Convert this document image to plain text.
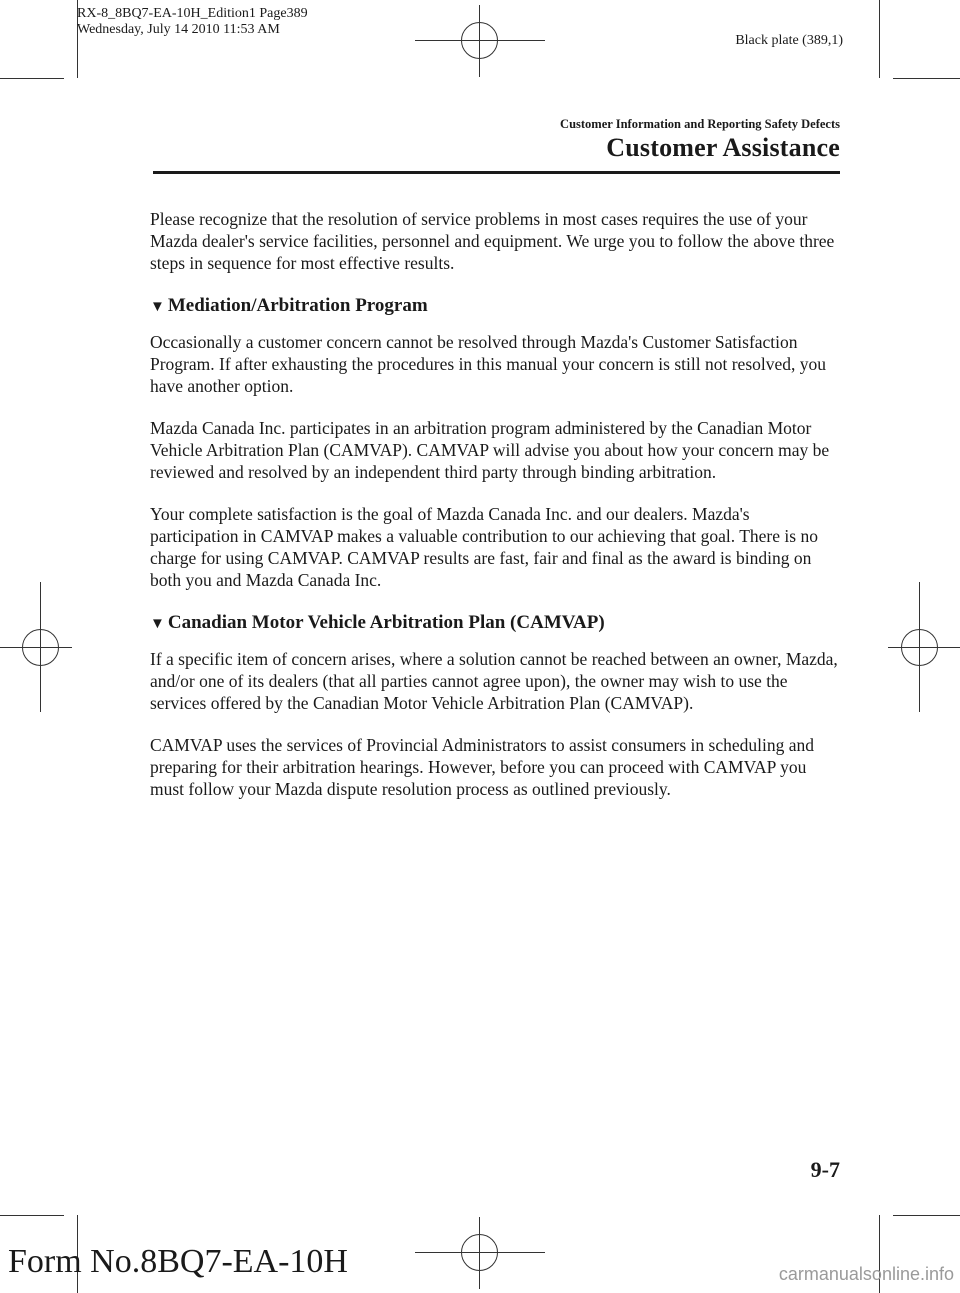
RX-8_8BQ7-EA-10H_Edition1 Page389
Wednesday, July 14 2010 11:53 AM
Black plate (389,1)
Customer Information and Reporting Safety Defects
Customer Assistance

Please recognize that the resolution of service problems in most cases requires the use of your Mazda dealer's service facilities, personnel and equipment. We urge you to follow the above three steps in sequence for most effective results.

▼ Mediation/Arbitration Program

Occasionally a customer concern cannot be resolved through Mazda's Customer Satisfaction Program. If after exhausting the procedures in this manual your concern is still not resolved, you have another option.

Mazda Canada Inc. participates in an arbitration program administered by the Canadian Motor Vehicle Arbitration Plan (CAMVAP). CAMVAP will advise you about how your concern may be reviewed and resolved by an independent third party through binding arbitration.

Your complete satisfaction is the goal of Mazda Canada Inc. and our dealers. Mazda's participation in CAMVAP makes a valuable contribution to our achieving that goal. There is no charge for using CAMVAP. CAMVAP results are fast, fair and final as the award is binding on both you and Mazda Canada Inc.

▼ Canadian Motor Vehicle Arbitration Plan (CAMVAP)

If a specific item of concern arises, where a solution cannot be reached between an owner, Mazda, and/or one of its dealers (that all parties cannot agree upon), the owner may wish to use the services offered by the Canadian Motor Vehicle Arbitration Plan (CAMVAP).

CAMVAP uses the services of Provincial Administrators to assist consumers in scheduling and preparing for their arbitration hearings. However, before you can proceed with CAMVAP you must follow your Mazda dispute resolution process as outlined previously.

9-7
Form No.8BQ7-EA-10H	carmanualsonline.info
